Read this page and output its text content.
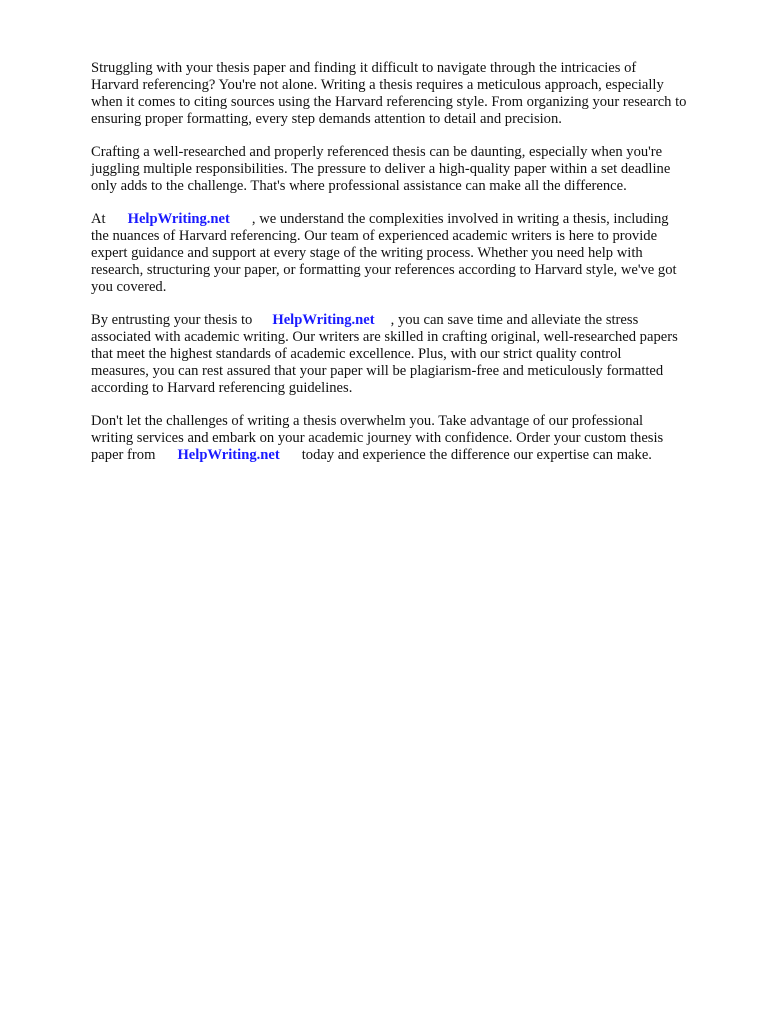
Struggling with your thesis paper and finding it difficult to navigate through the intricacies of
Harvard referencing? You're not alone. Writing a thesis requires a meticulous approach, especially
when it comes to citing sources using the Harvard referencing style. From organizing your research to
ensuring proper formatting, every step demands attention to detail and precision.

Crafting a well-researched and properly referenced thesis can be daunting, especially when you're
juggling multiple responsibilities. The pressure to deliver a high-quality paper within a set deadline
only adds to the challenge. That's where professional assistance can make all the difference.

At HelpWriting.net , we understand the complexities involved in writing a thesis, including
the nuances of Harvard referencing. Our team of experienced academic writers is here to provide
expert guidance and support at every stage of the writing process. Whether you need help with
research, structuring your paper, or formatting your references according to Harvard style, we've got
you covered.

By entrusting your thesis to HelpWriting.net , you can save time and alleviate the stress
associated with academic writing. Our writers are skilled in crafting original, well-researched papers
that meet the highest standards of academic excellence. Plus, with our strict quality control
measures, you can rest assured that your paper will be plagiarism-free and meticulously formatted
according to Harvard referencing guidelines.

Don't let the challenges of writing a thesis overwhelm you. Take advantage of our professional
writing services and embark on your academic journey with confidence. Order your custom thesis
paper from HelpWriting.net today and experience the difference our expertise can make.
